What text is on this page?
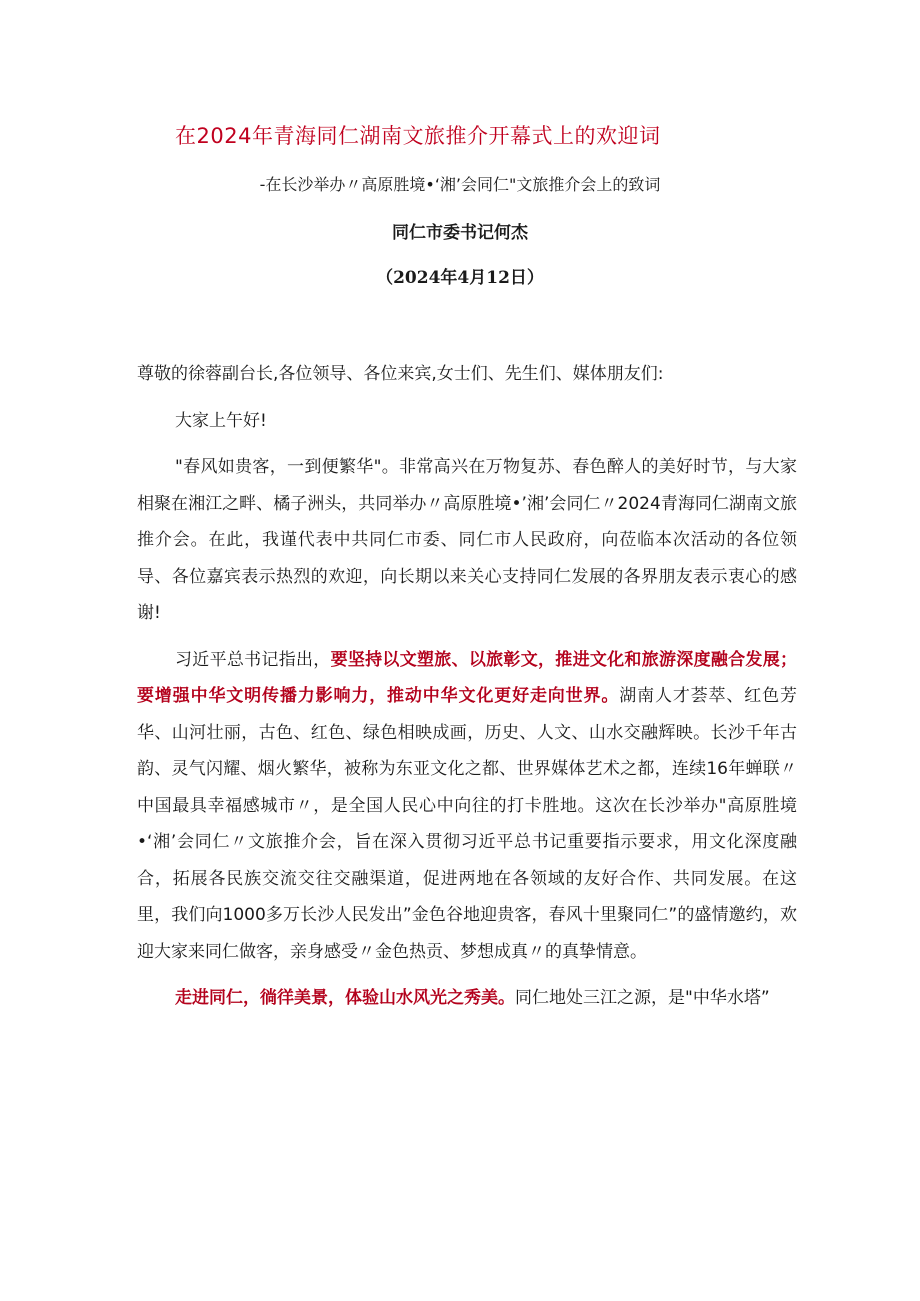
在2024年青海同仁湖南文旅推介开幕式上的欢迎词
-在长沙举办〃高原胜境•‘湘’会同仁"文旅推介会上的致词
同仁市委书记何杰
（2024年4月12日）

尊敬的徐蓉副台长,各位领导、各位来宾,女士们、先生们、媒体朋友们:

大家上午好!

"春风如贵客，一到便繁华"。非常高兴在万物复苏、春色醉人的美好时节，与大家相聚在湘江之畔、橘子洲头，共同举办〃高原胜境•’湘’会同仁〃2024青海同仁湖南文旅推介会。在此，我谨代表中共同仁市委、同仁市人民政府，向莅临本次活动的各位领导、各位嘉宾表示热烈的欢迎，向长期以来关心支持同仁发展的各界朋友表示衷心的感谢!

习近平总书记指出，要坚持以文塑旅、以旅彰文，推进文化和旅游深度融合发展；要增强中华文明传播力影响力，推动中华文化更好走向世界。湖南人才荟萃、红色芳华、山河壮丽，古色、红色、绿色相映成画，历史、人文、山水交融辉映。长沙千年古韵、灵气闪耀、烟火繁华，被称为东亚文化之都、世界媒体艺术之都，连续16年蝉联〃中国最具幸福感城市〃，是全国人民心中向往的打卡胜地。这次在长沙举办"高原胜境•‘湘’会同仁〃文旅推介会，旨在深入贯彻习近平总书记重要指示要求，用文化深度融合，拓展各民族交流交往交融渠道，促进两地在各领域的友好合作、共同发展。在这里，我们向1000多万长沙人民发出”金色谷地迎贵客，春风十里聚同仁”的盛情邀约，欢迎大家来同仁做客，亲身感受〃金色热贡、梦想成真〃的真挚情意。

走进同仁，徜徉美景，体验山水风光之秀美。同仁地处三江之源，是"中华水塔”
